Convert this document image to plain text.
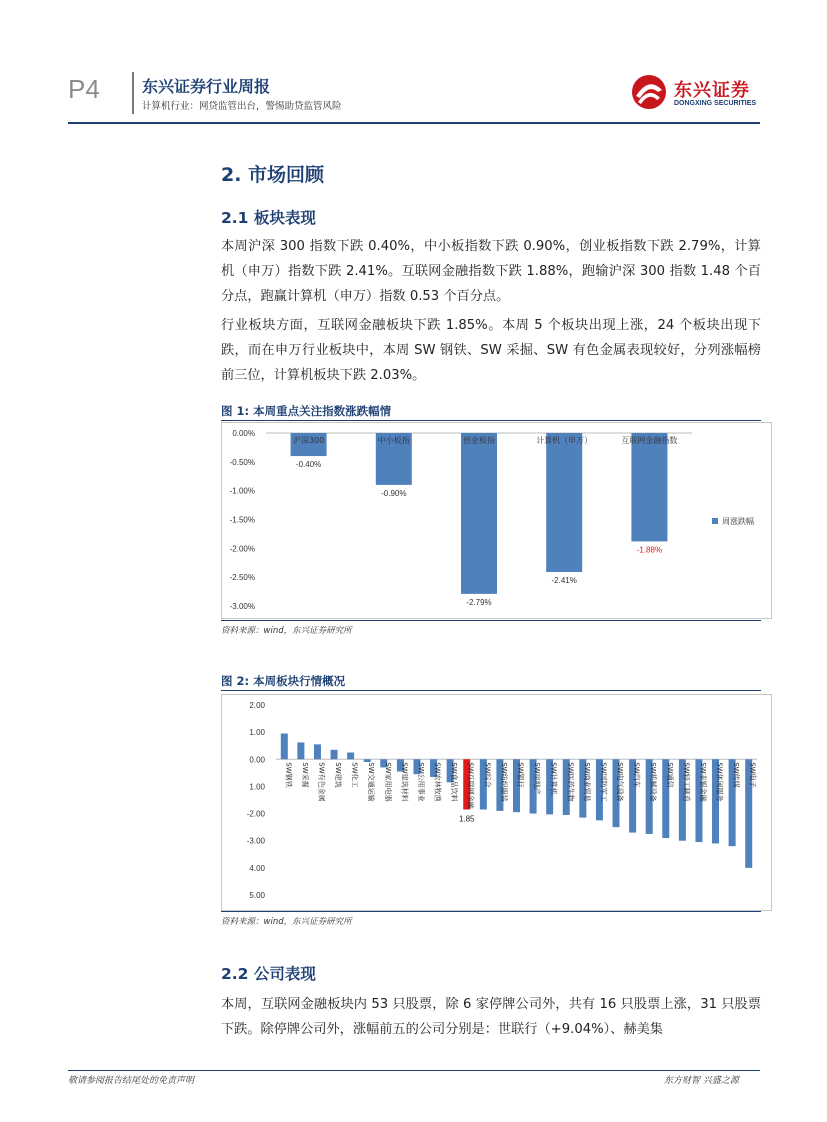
P4	东兴证券行业周报
计算机行业：网贷监管出台，警惕助贷监管风险
东兴证券
DONGXING SECURITIES
2. 市场回顾
2.1 板块表现
本周沪深 300 指数下跌 0.40%，中小板指数下跌 0.90%，创业板指数下跌 2.79%，计算机（申万）指数下跌 2.41%。互联网金融指数下跌 1.88%，跑输沪深 300 指数 1.48 个百分点，跑赢计算机（申万）指数 0.53 个百分点。
行业板块方面，互联网金融板块下跌 1.85%。本周 5 个板块出现上涨，24 个板块出现下跌，而在申万行业板块中，本周 SW 钢铁、SW 采掘、SW 有色金属表现较好，分列涨幅榜前三位，计算机板块下跌 2.03%。
图 1: 本周重点关注指数涨跌幅情
0.00%
-0.50%
-1.00%
-1.50%
-2.00%
-2.50%
-3.00%
沪深300
-0.40%
中小板指
-0.90%
创业板指
-2.79%
计算机（申万）
-2.41%
互联网金融指数
-1.88%
周涨跌幅
资料来源：wind，东兴证券研究所
图 2: 本周板块行情概况
2.00
1.00
0.00
1.00
-2.00
-3.00
4.00
5.00
SW钢铁 SW采掘 SW有色金属 SW建筑 SW化工 SW交通运输 SW家用电器 SW建筑材料 SW公用事业 SW农林牧渔 SW食品饮料 SW互联网金融
1.85
SW综合 SW纺织服装 SW银行 SW房地产 SW计算机 SW医药生物 SW商业贸易 SW国防军工 SW电气设备 SW汽车 SW机械设备 SW通信 SW轻工制造 SW非银金融 SW休闲服务 SW传媒 SW电子
资料来源：wind，东兴证券研究所
2.2 公司表现
本周，互联网金融板块内 53 只股票，除 6 家停牌公司外，共有 16 只股票上涨，31 只股票下跌。除停牌公司外，涨幅前五的公司分别是：世联行（+9.04%）、赫美集
敬请参阅报告结尾处的免责声明	东方财智 兴盛之源
